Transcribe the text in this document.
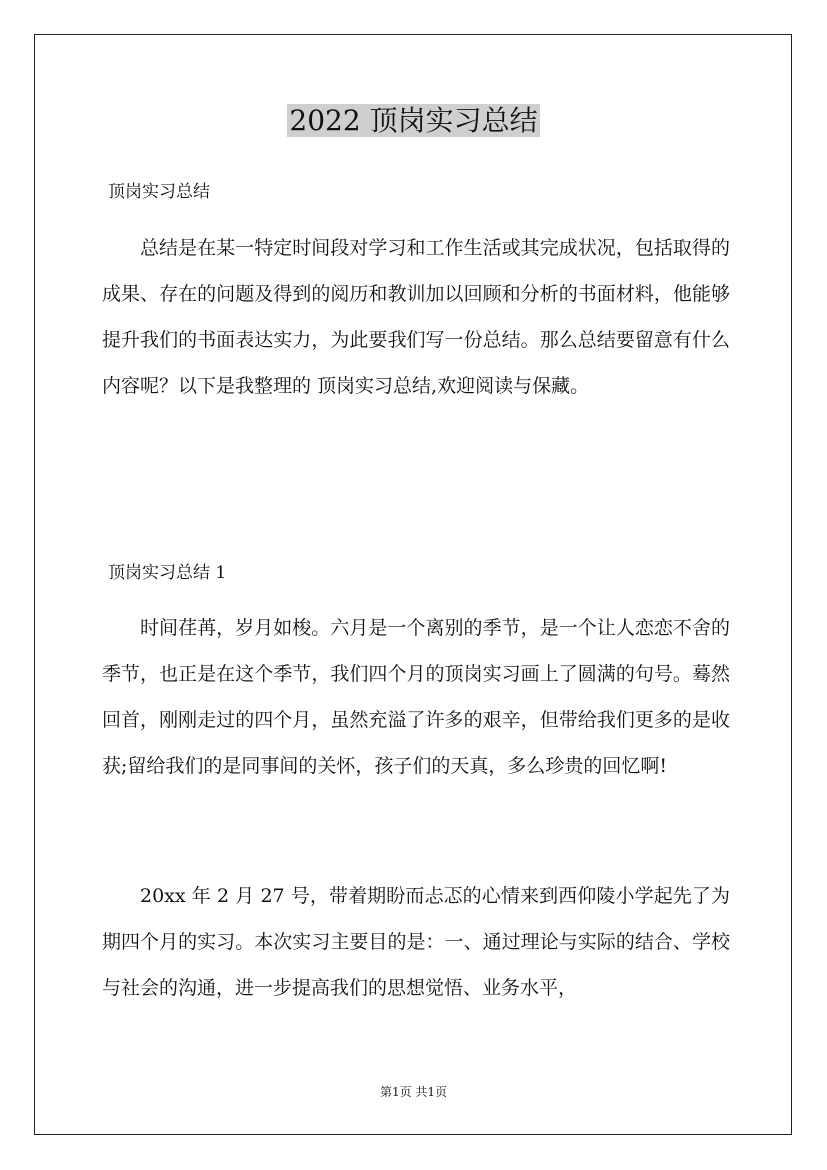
2022 顶岗实习总结
顶岗实习总结

总结是在某一特定时间段对学习和工作生活或其完成状况，包括取得的成果、存在的问题及得到的阅历和教训加以回顾和分析的书面材料，他能够提升我们的书面表达实力，为此要我们写一份总结。那么总结要留意有什么内容呢？以下是我整理的 顶岗实习总结,欢迎阅读与保藏。

顶岗实习总结 1

时间荏苒，岁月如梭。六月是一个离别的季节，是一个让人恋恋不舍的季节，也正是在这个季节，我们四个月的顶岗实习画上了圆满的句号。蓦然回首，刚刚走过的四个月，虽然充溢了许多的艰辛，但带给我们更多的是收获;留给我们的是同事间的关怀，孩子们的天真，多么珍贵的回忆啊!

20xx 年 2 月 27 号，带着期盼而忐忑的心情来到西仰陵小学起先了为期四个月的实习。本次实习主要目的是：一、通过理论与实际的结合、学校与社会的沟通，进一步提高我们的思想觉悟、业务水平，

第1页 共1页
